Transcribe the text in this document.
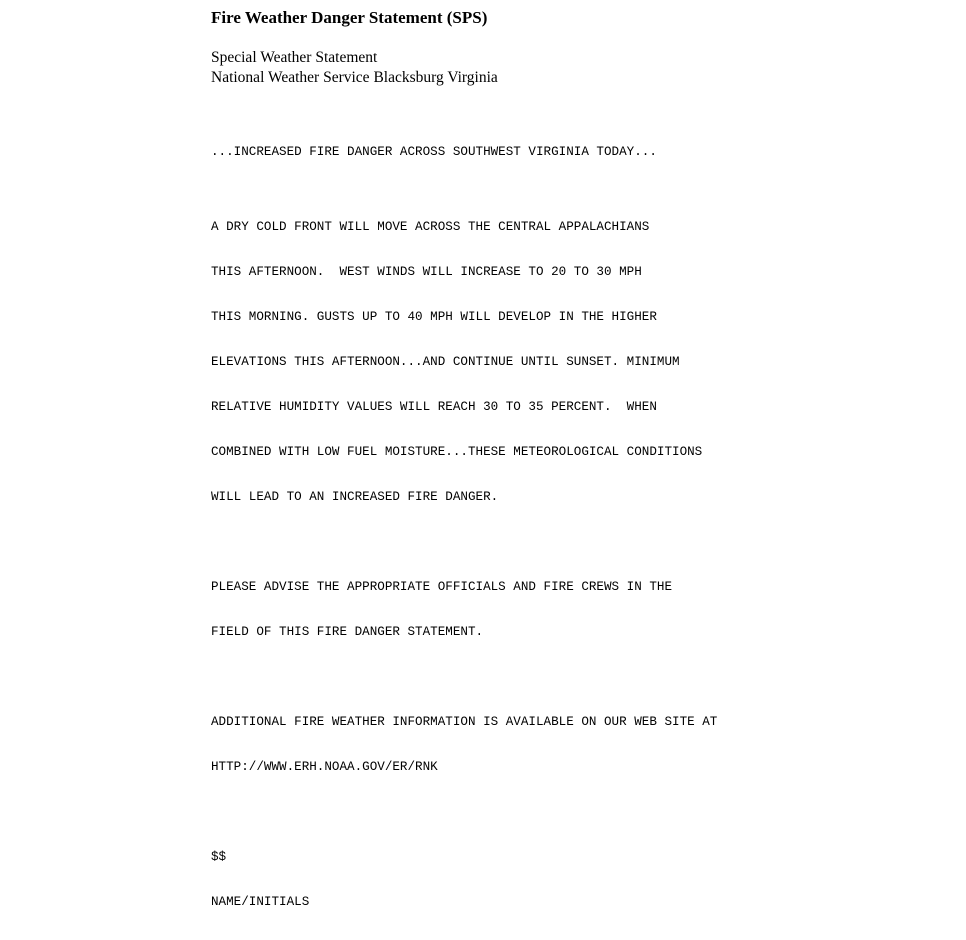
Fire Weather Danger Statement (SPS)
Special Weather Statement
National Weather Service Blacksburg Virginia
...INCREASED FIRE DANGER ACROSS SOUTHWEST VIRGINIA TODAY...

A DRY COLD FRONT WILL MOVE ACROSS THE CENTRAL APPALACHIANS

THIS AFTERNOON.  WEST WINDS WILL INCREASE TO 20 TO 30 MPH

THIS MORNING. GUSTS UP TO 40 MPH WILL DEVELOP IN THE HIGHER

ELEVATIONS THIS AFTERNOON...AND CONTINUE UNTIL SUNSET. MINIMUM

RELATIVE HUMIDITY VALUES WILL REACH 30 TO 35 PERCENT.  WHEN

COMBINED WITH LOW FUEL MOISTURE...THESE METEOROLOGICAL CONDITIONS

WILL LEAD TO AN INCREASED FIRE DANGER.

PLEASE ADVISE THE APPROPRIATE OFFICIALS AND FIRE CREWS IN THE

FIELD OF THIS FIRE DANGER STATEMENT.

ADDITIONAL FIRE WEATHER INFORMATION IS AVAILABLE ON OUR WEB SITE AT

HTTP://WWW.ERH.NOAA.GOV/ER/RNK

$$

NAME/INITIALS
